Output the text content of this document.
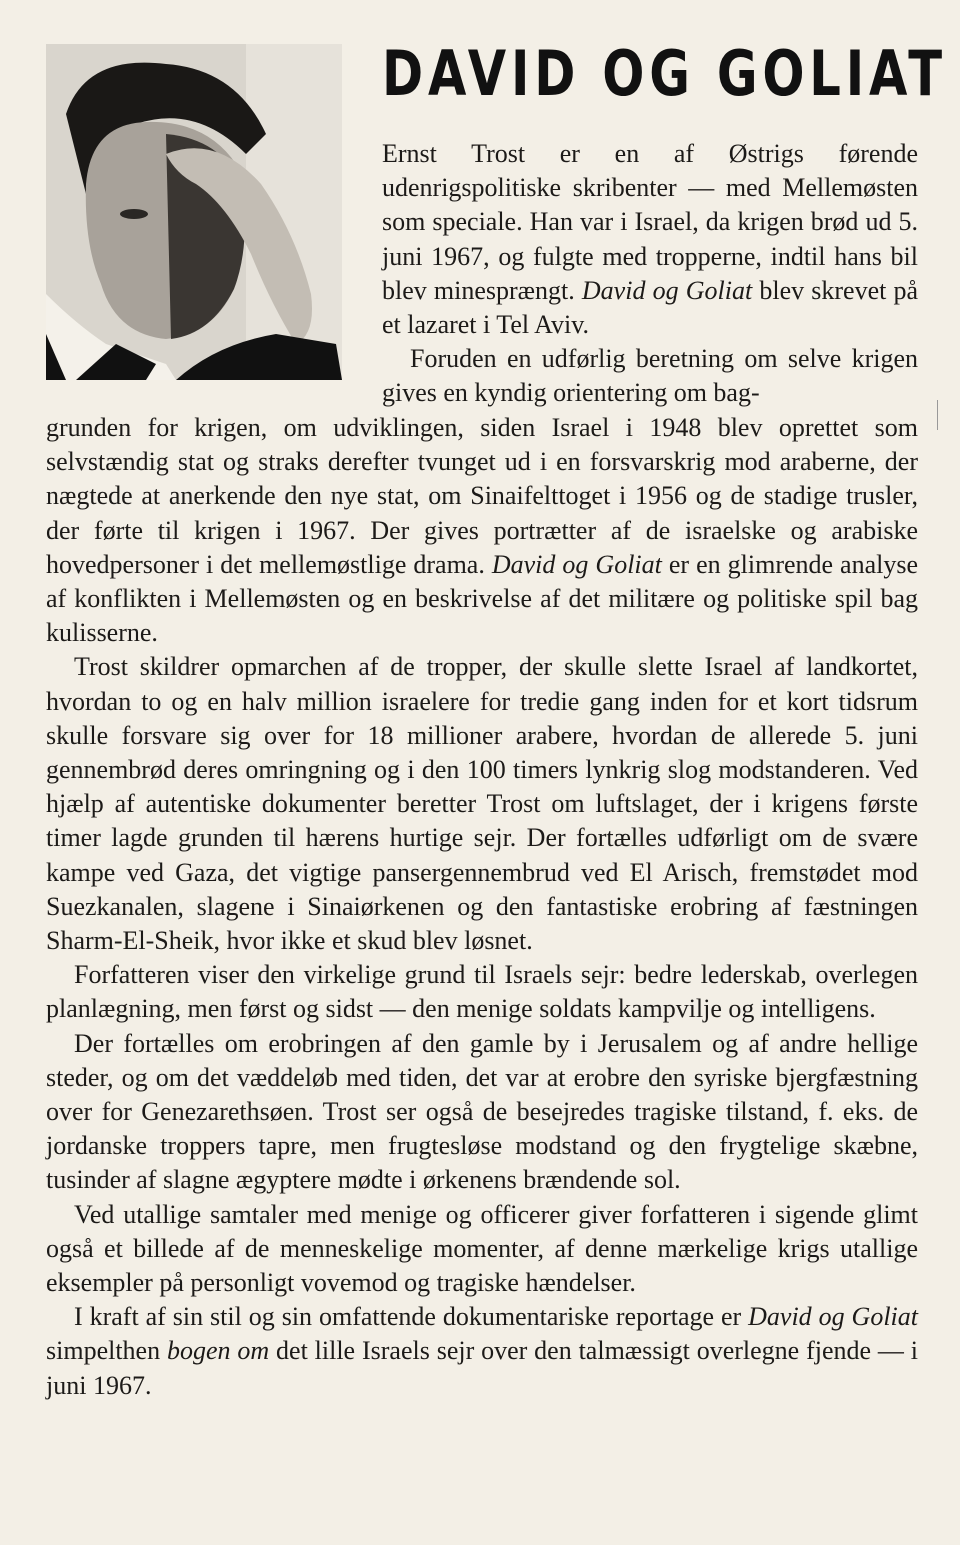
DAVID OG GOLIAT

Ernst Trost er en af Østrigs førende udenrigspolitiske skribenter — med Mellemøsten som speciale. Han var i Israel, da krigen brød ud 5. juni 1967, og fulgte med tropperne, indtil hans bil blev minesprængt. David og Goliat blev skrevet på et lazaret i Tel Aviv.

Foruden en udførlig beretning om selve krigen gives en kyndig orientering om bag-

grunden for krigen, om udviklingen, siden Israel i 1948 blev oprettet som selvstændig stat og straks derefter tvunget ud i en forsvarskrig mod araberne, der nægtede at anerkende den nye stat, om Sinaifelttoget i 1956 og de stadige trusler, der førte til krigen i 1967. Der gives portrætter af de israelske og arabiske hovedpersoner i det mellemøstlige drama. David og Goliat er en glimrende analyse af konflikten i Mellemøsten og en beskrivelse af det militære og politiske spil bag kulisserne.

Trost skildrer opmarchen af de tropper, der skulle slette Israel af landkortet, hvordan to og en halv million israelere for tredie gang inden for et kort tidsrum skulle forsvare sig over for 18 millioner arabere, hvordan de allerede 5. juni gennembrød deres omringning og i den 100 timers lynkrig slog modstanderen. Ved hjælp af autentiske dokumenter beretter Trost om luftslaget, der i krigens første timer lagde grunden til hærens hurtige sejr. Der fortælles udførligt om de svære kampe ved Gaza, det vigtige pansergennembrud ved El Arisch, fremstødet mod Suezkanalen, slagene i Sinaiørkenen og den fantastiske erobring af fæstningen Sharm-El-Sheik, hvor ikke et skud blev løsnet.

Forfatteren viser den virkelige grund til Israels sejr: bedre lederskab, overlegen planlægning, men først og sidst — den menige soldats kampvilje og intelligens.

Der fortælles om erobringen af den gamle by i Jerusalem og af andre hellige steder, og om det væddeløb med tiden, det var at erobre den syriske bjergfæstning over for Genezarethsøen. Trost ser også de besejredes tragiske tilstand, f. eks. de jordanske troppers tapre, men frugtesløse modstand og den frygtelige skæbne, tusinder af slagne ægyptere mødte i ørkenens brændende sol.

Ved utallige samtaler med menige og officerer giver forfatteren i sigende glimt også et billede af de menneskelige momenter, af denne mærkelige krigs utallige eksempler på personligt vovemod og tragiske hændelser.

I kraft af sin stil og sin omfattende dokumentariske reportage er David og Goliat simpelthen bogen om det lille Israels sejr over den talmæssigt overlegne fjende — i juni 1967.
